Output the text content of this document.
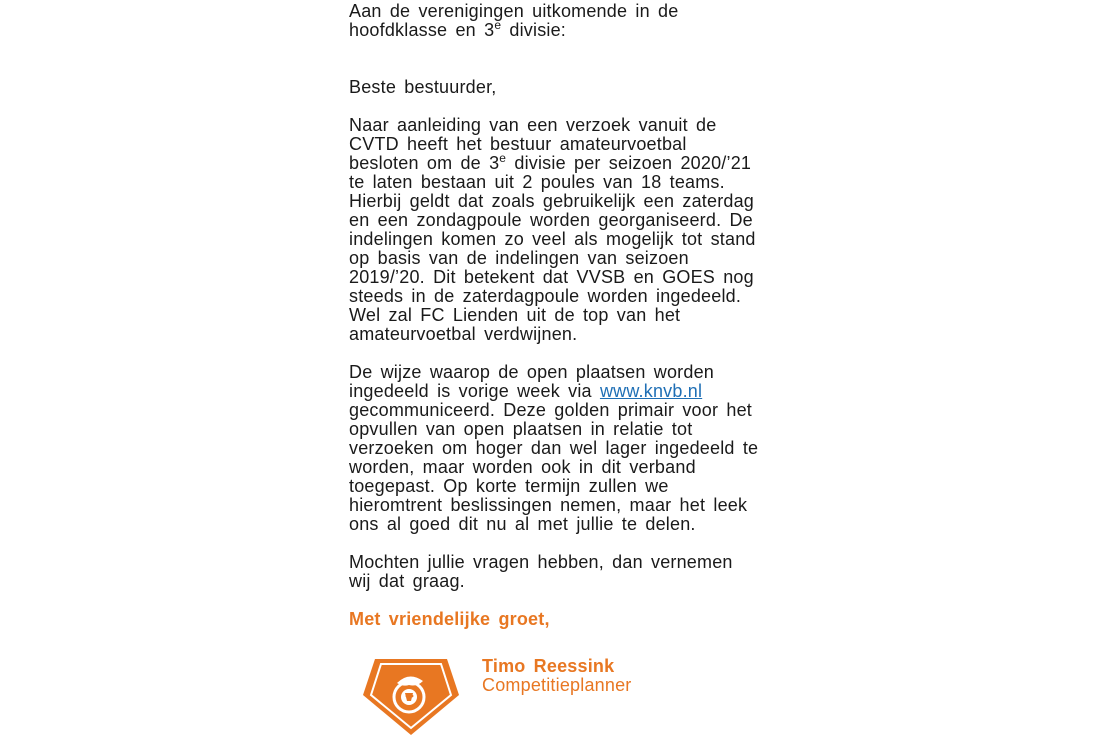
Aan de verenigingen uitkomende in de hoofdklasse en 3e divisie:

Beste bestuurder,

Naar aanleiding van een verzoek vanuit de CVTD heeft het bestuur amateurvoetbal besloten om de 3e divisie per seizoen 2020/’21 te laten bestaan uit 2 poules van 18 teams. Hierbij geldt dat zoals gebruikelijk een zaterdag en een zondagpoule worden georganiseerd. De indelingen komen zo veel als mogelijk tot stand op basis van de indelingen van seizoen 2019/’20. Dit betekent dat VVSB en GOES nog steeds in de zaterdagpoule worden ingedeeld. Wel zal FC Lienden uit de top van het amateurvoetbal verdwijnen.

De wijze waarop de open plaatsen worden ingedeeld is vorige week via www.knvb.nl gecommuniceerd. Deze golden primair voor het opvullen van open plaatsen in relatie tot verzoeken om hoger dan wel lager ingedeeld te worden, maar worden ook in dit verband toegepast. Op korte termijn zullen we hieromtrent beslissingen nemen, maar het leek ons al goed dit nu al met jullie te delen.

Mochten jullie vragen hebben, dan vernemen wij dat graag.

Met vriendelijke groet,

Timo Reessink
Competitieplanner
